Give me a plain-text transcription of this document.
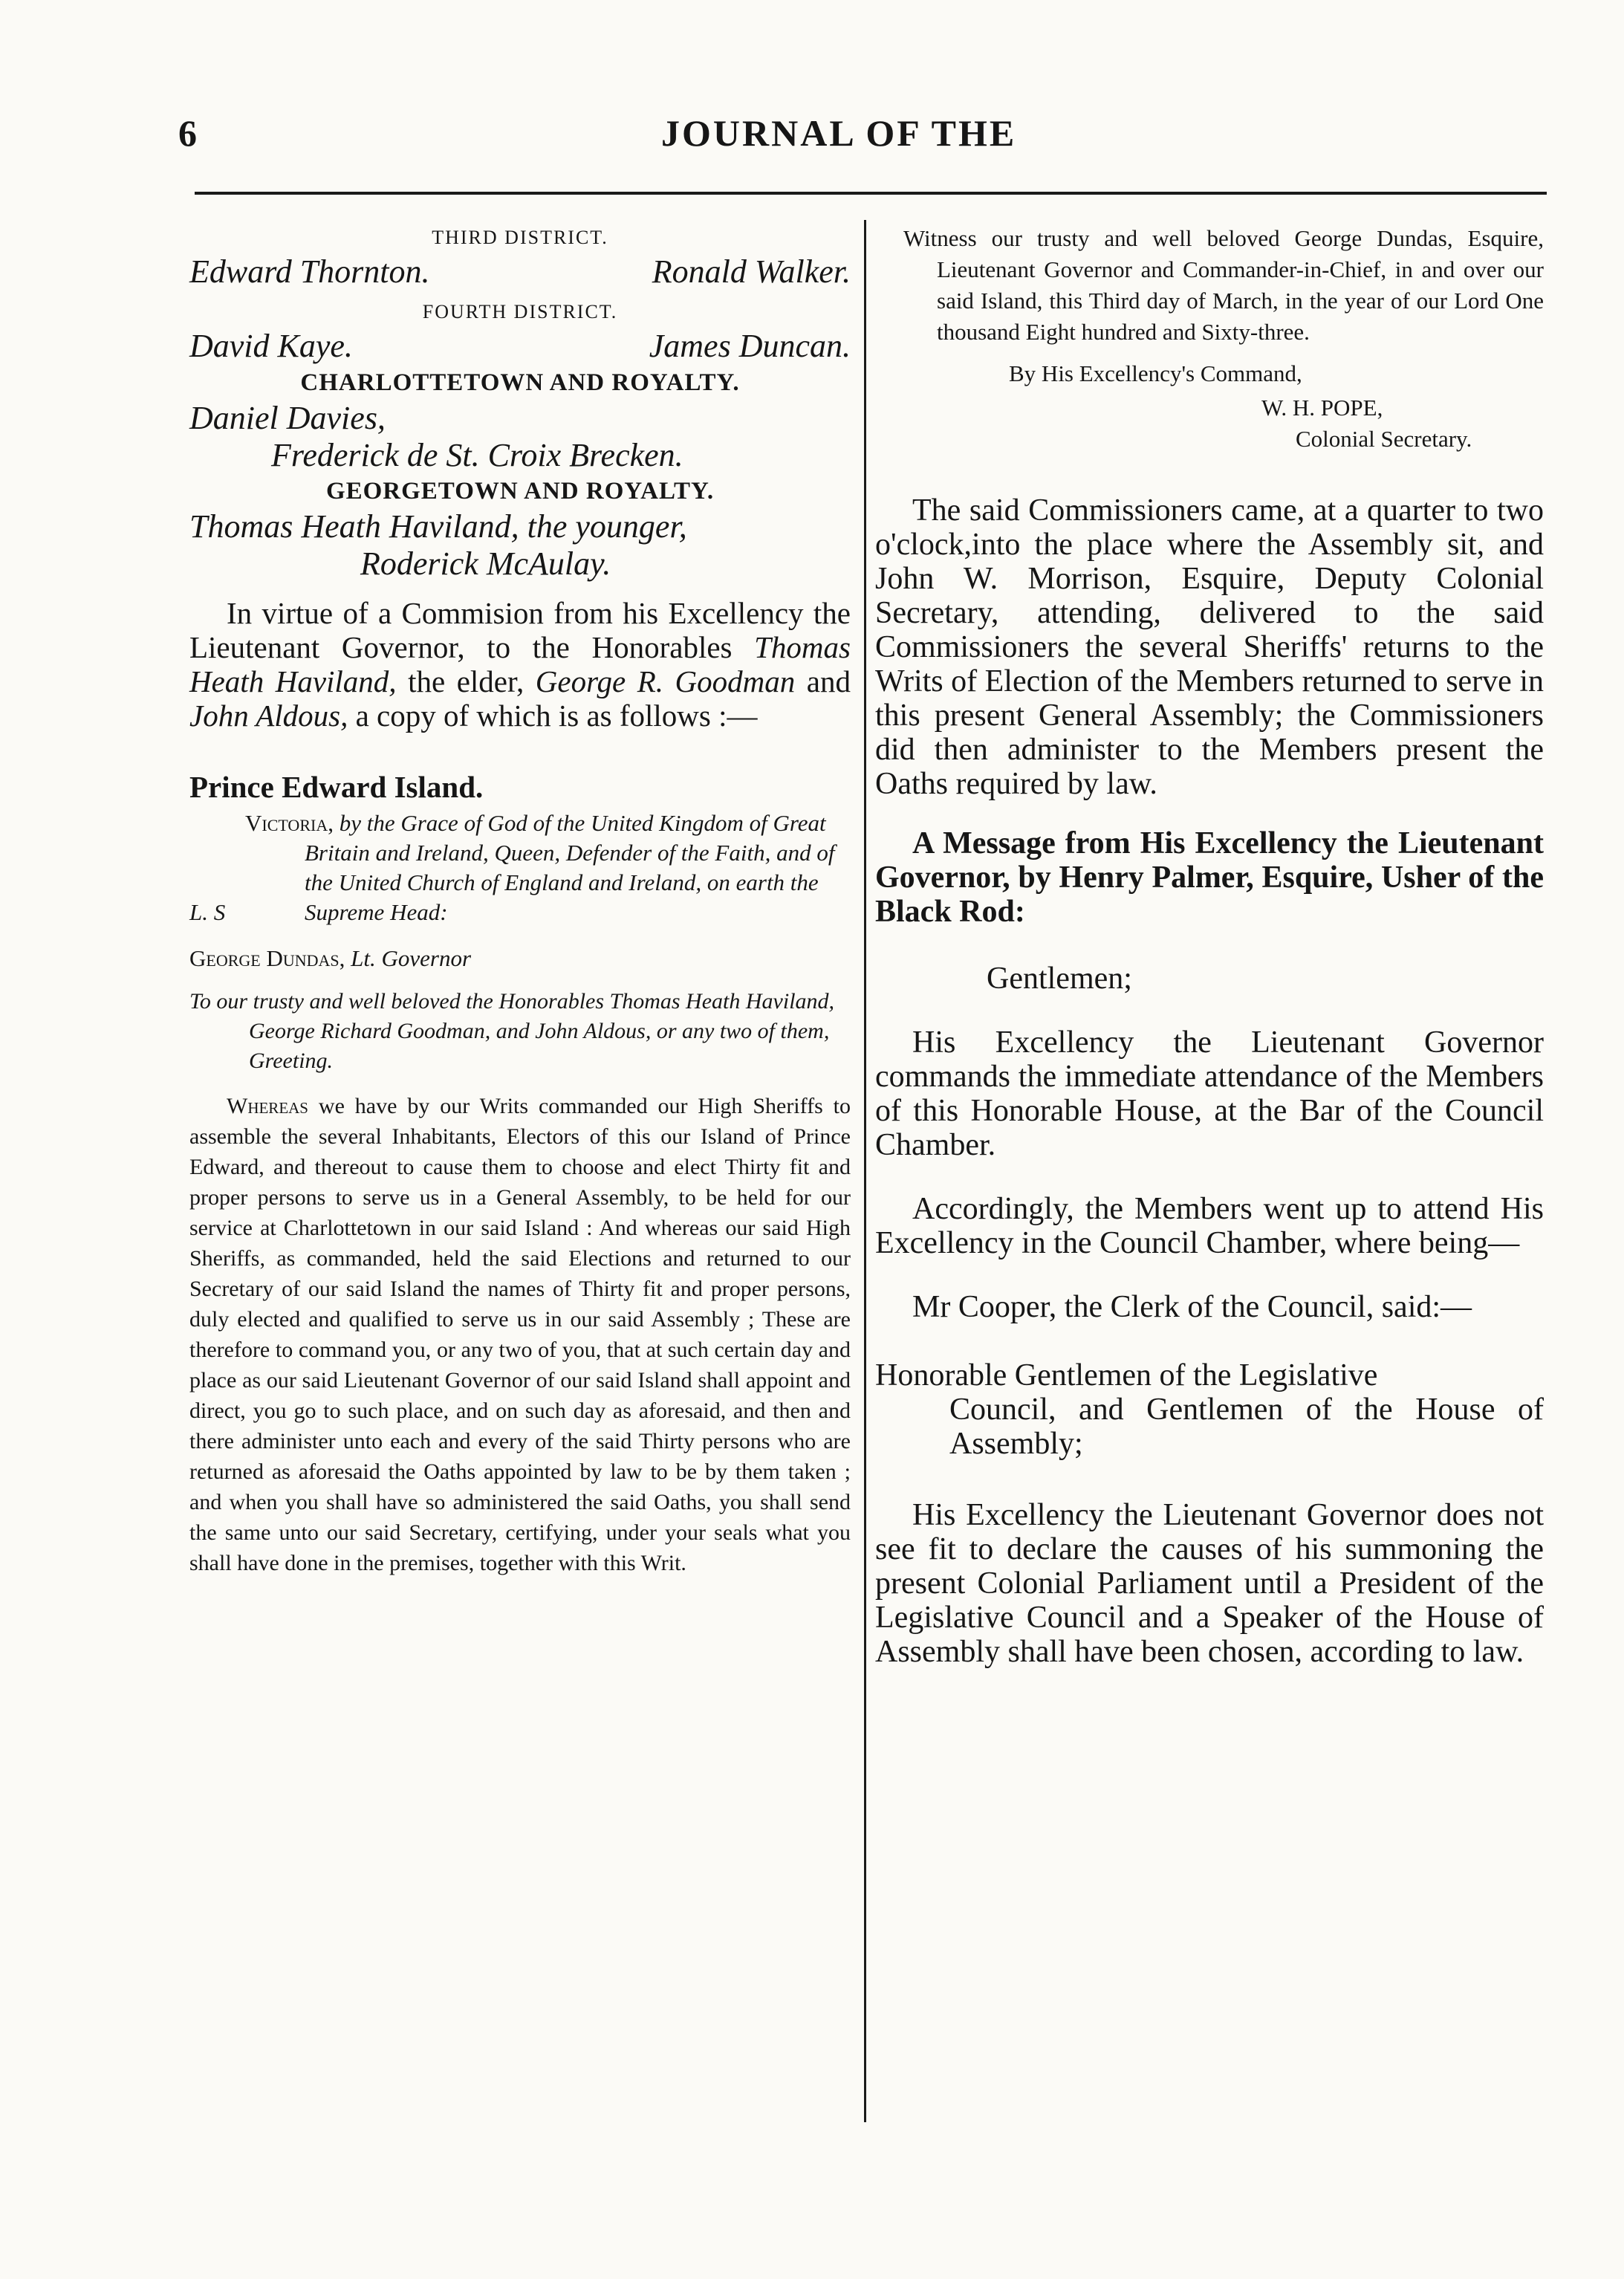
6	JOURNAL OF THE
THIRD DISTRICT.
Edward Thornton.	Ronald Walker.
FOURTH DISTRICT.
David Kaye.	James Duncan.
CHARLOTTETOWN AND ROYALTY.
Daniel Davies,
Frederick de St. Croix Brecken.
GEORGETOWN AND ROYALTY.
Thomas Heath Haviland, the younger,
Roderick McAulay.

In virtue of a Commision from his Excellency the Lieutenant Governor, to the Honorables Thomas Heath Haviland, the elder, George R. Goodman and John Aldous, a copy of which is as follows :—

Prince Edward Island.
L. S
Victoria, by the Grace of God of the United Kingdom of Great Britain and Ireland, Queen, Defender of the Faith, and of the United Church of England and Ireland, on earth the Supreme Head:
George Dundas, Lt. Governor
To our trusty and well beloved the Honorables Thomas Heath Haviland, George Richard Goodman, and John Aldous, or any two of them, Greeting.

Whereas we have by our Writs commanded our High Sheriffs to assemble the several Inhabitants, Electors of this our Island of Prince Edward, and thereout to cause them to choose and elect Thirty fit and proper persons to serve us in a General Assembly, to be held for our service at Charlottetown in our said Island : And whereas our said High Sheriffs, as commanded, held the said Elections and returned to our Secretary of our said Island the names of Thirty fit and proper persons, duly elected and qualified to serve us in our said Assembly ; These are therefore to command you, or any two of you, that at such certain day and place as our said Lieutenant Governor of our said Island shall appoint and direct, you go to such place, and on such day as aforesaid, and then and there administer unto each and every of the said Thirty persons who are returned as aforesaid the Oaths appointed by law to be by them taken ; and when you shall have so administered the said Oaths, you shall send the same unto our said Secretary, certifying, under your seals what you shall have done in the premises, together with this Writ.

Witness our trusty and well beloved George Dundas, Esquire, Lieutenant Governor and Commander-in-Chief, in and over our said Island, this Third day of March, in the year of our Lord One thousand Eight hundred and Sixty-three.
By His Excellency's Command,
W. H. POPE,
Colonial Secretary.

The said Commissioners came, at a quarter to two o'clock,into the place where the Assembly sit, and John W. Morrison, Esquire, Deputy Colonial Secretary, attending, delivered to the said Commissioners the several Sheriffs' returns to the Writs of Election of the Members returned to serve in this present General Assembly; the Commissioners did then administer to the Members present the Oaths required by law.

A Message from His Excellency the Lieutenant Governor, by Henry Palmer, Esquire, Usher of the Black Rod:

Gentlemen;

His Excellency the Lieutenant Governor commands the immediate attendance of the Members of this Honorable House, at the Bar of the Council Chamber.

Accordingly, the Members went up to attend His Excellency in the Council Chamber, where being—

Mr Cooper, the Clerk of the Council, said:—

Honorable Gentlemen of the Legislative
Council, and Gentlemen of the House of Assembly;

His Excellency the Lieutenant Governor does not see fit to declare the causes of his summoning the present Colonial Parliament until a President of the Legislative Council and a Speaker of the House of Assembly shall have been chosen, according to law.
